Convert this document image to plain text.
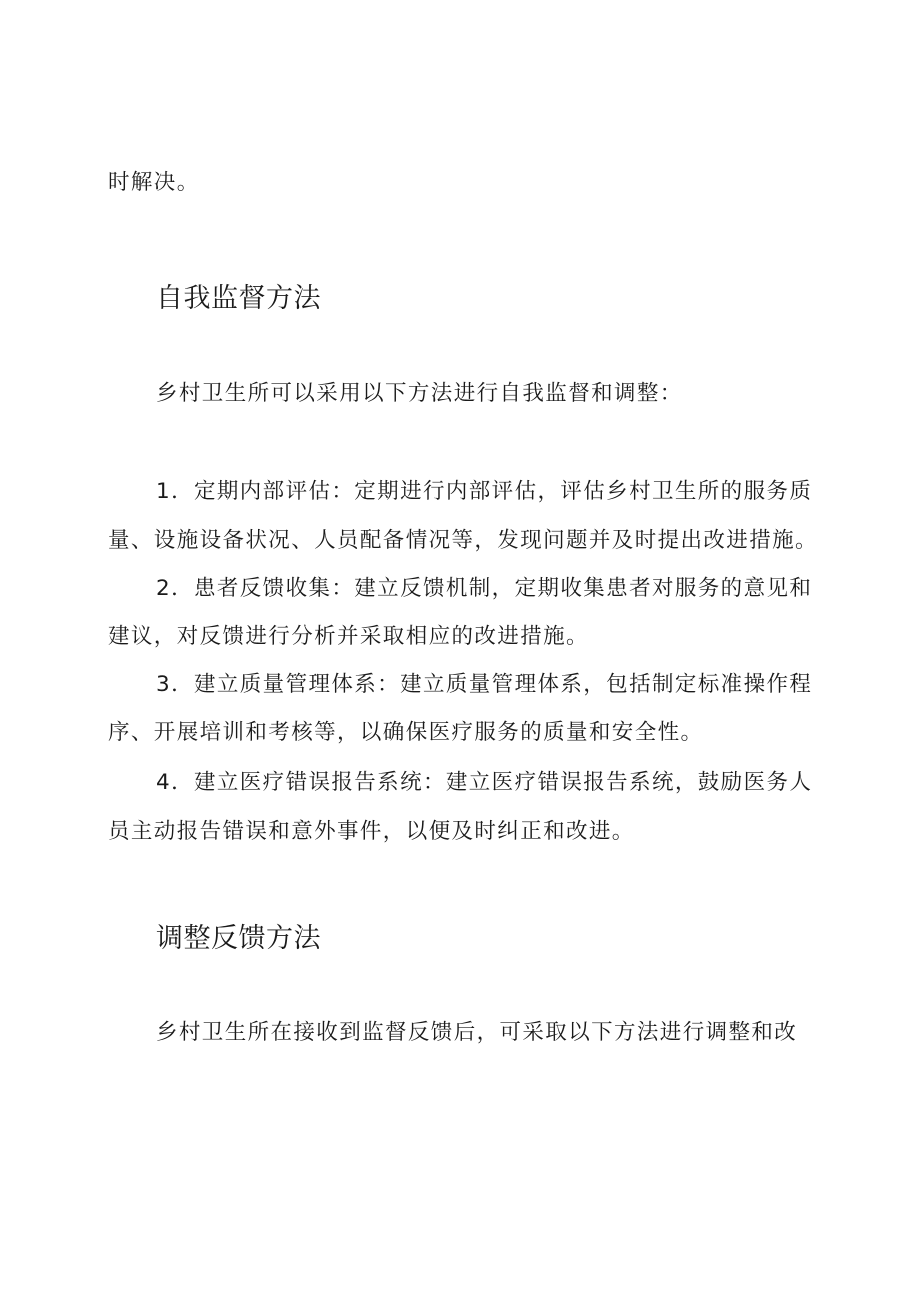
时解决。

自我监督方法

乡村卫生所可以采用以下方法进行自我监督和调整：

1．定期内部评估：定期进行内部评估，评估乡村卫生所的服务质

量、设施设备状况、人员配备情况等，发现问题并及时提出改进措施。

2．患者反馈收集：建立反馈机制，定期收集患者对服务的意见和

建议，对反馈进行分析并采取相应的改进措施。

3．建立质量管理体系：建立质量管理体系，包括制定标准操作程

序、开展培训和考核等，以确保医疗服务的质量和安全性。

4．建立医疗错误报告系统：建立医疗错误报告系统，鼓励医务人

员主动报告错误和意外事件，以便及时纠正和改进。

调整反馈方法

乡村卫生所在接收到监督反馈后，可采取以下方法进行调整和改
